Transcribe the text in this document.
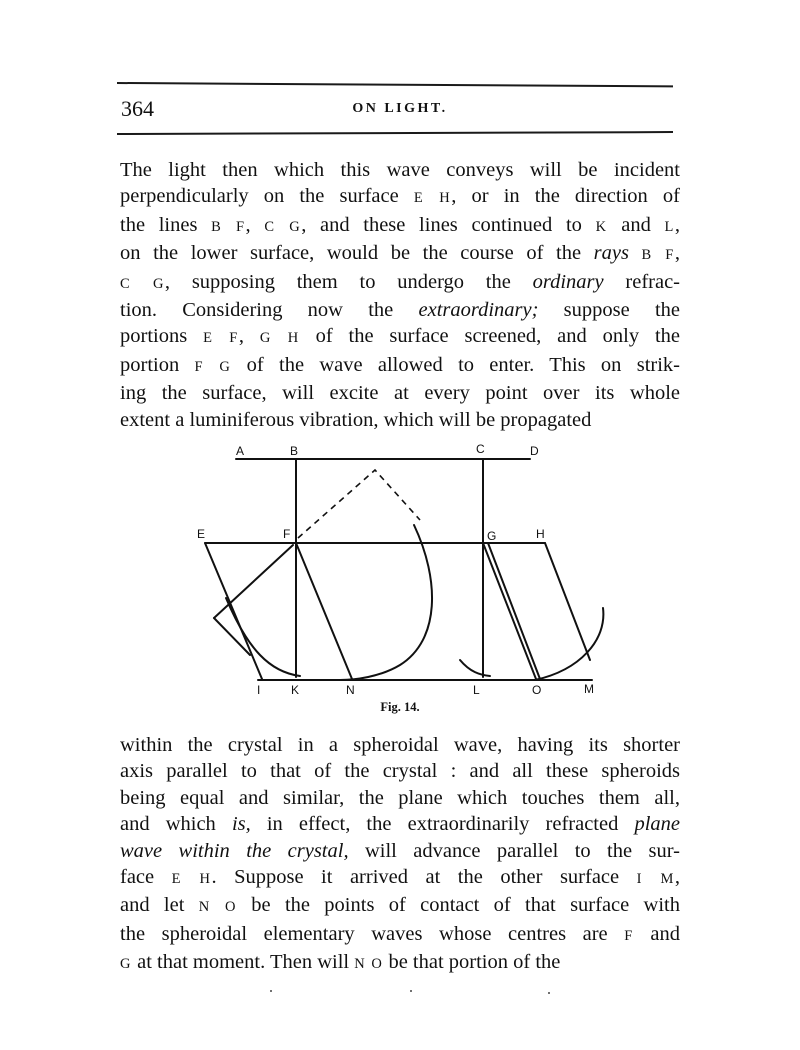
364	ON LIGHT.

The light then which this wave conveys will be incident
perpendicularly on the surface E H, or in the direction of
the lines B F, C G, and these lines continued to K and L,
on the lower surface, would be the course of the rays B F,
C G, supposing them to undergo the ordinary refrac-
tion. Considering now the extraordinary; suppose the
portions E F, G H of the surface screened, and only the
portion F G of the wave allowed to enter. This on strik-
ing the surface, will excite at every point over its whole
extent a luminiferous vibration, which will be propagated

A	B	C	D
E	F	G	H
I	K	N	L	O	M
Fig. 14.

within the crystal in a spheroidal wave, having its shorter
axis parallel to that of the crystal : and all these spheroids
being equal and similar, the plane which touches them all,
and which is, in effect, the extraordinarily refracted plane
wave within the crystal, will advance parallel to the sur-
face E H. Suppose it arrived at the other surface I M,
and let N O be the points of contact of that surface with
the spheroidal elementary waves whose centres are F and
G at that moment. Then will N O be that portion of the
